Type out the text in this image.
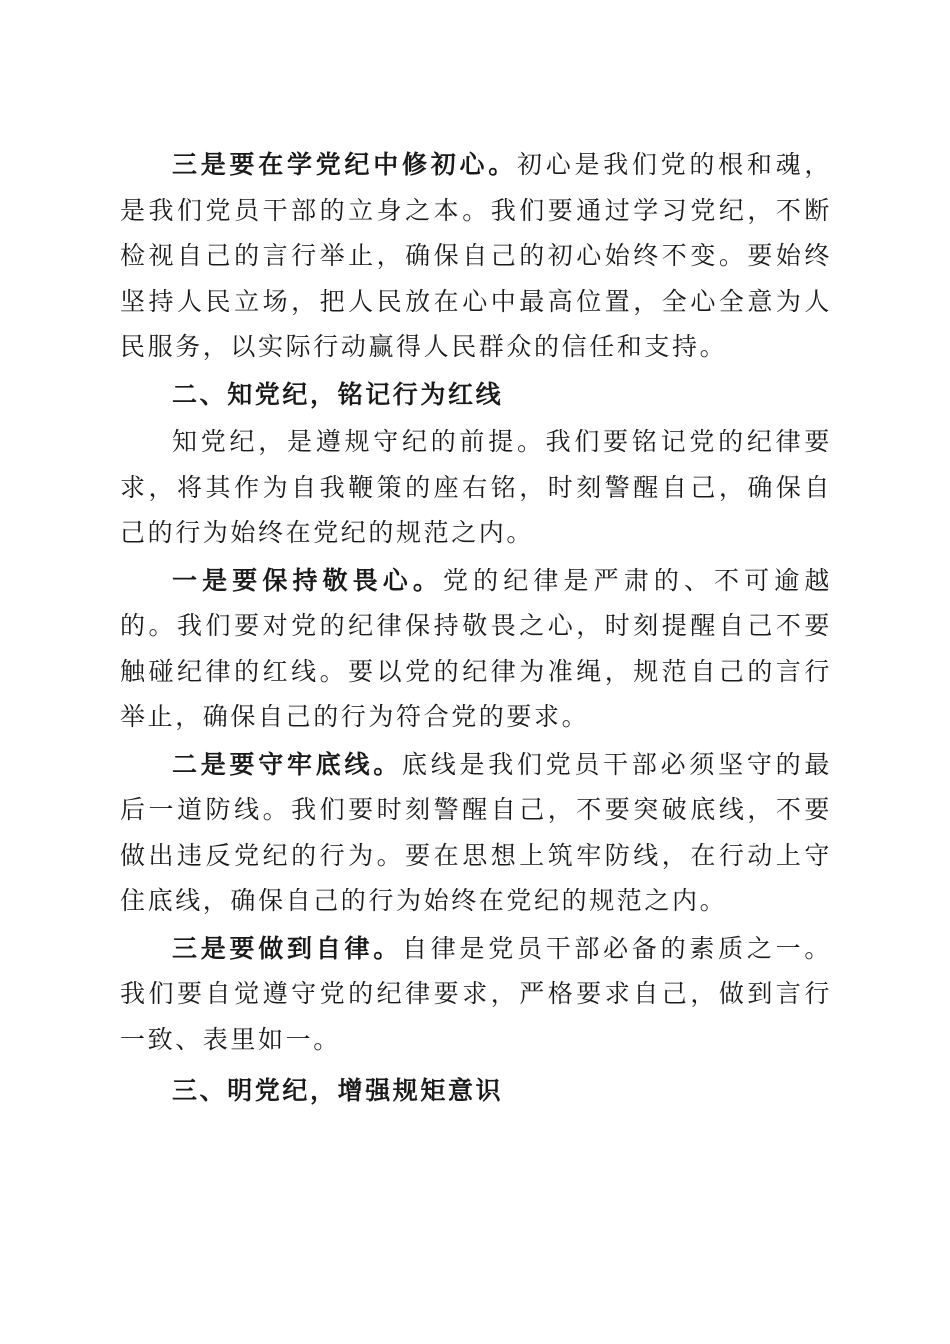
三是要在学党纪中修初心。初心是我们党的根和魂，是我们党员干部的立身之本。我们要通过学习党纪，不断检视自己的言行举止，确保自己的初心始终不变。要始终坚持人民立场，把人民放在心中最高位置，全心全意为人民服务，以实际行动赢得人民群众的信任和支持。

二、知党纪，铭记行为红线

知党纪，是遵规守纪的前提。我们要铭记党的纪律要求，将其作为自我鞭策的座右铭，时刻警醒自己，确保自己的行为始终在党纪的规范之内。

一是要保持敬畏心。党的纪律是严肃的、不可逾越的。我们要对党的纪律保持敬畏之心，时刻提醒自己不要触碰纪律的红线。要以党的纪律为准绳，规范自己的言行举止，确保自己的行为符合党的要求。

二是要守牢底线。底线是我们党员干部必须坚守的最后一道防线。我们要时刻警醒自己，不要突破底线，不要做出违反党纪的行为。要在思想上筑牢防线，在行动上守住底线，确保自己的行为始终在党纪的规范之内。

三是要做到自律。自律是党员干部必备的素质之一。我们要自觉遵守党的纪律要求，严格要求自己，做到言行一致、表里如一。

三、明党纪，增强规矩意识
